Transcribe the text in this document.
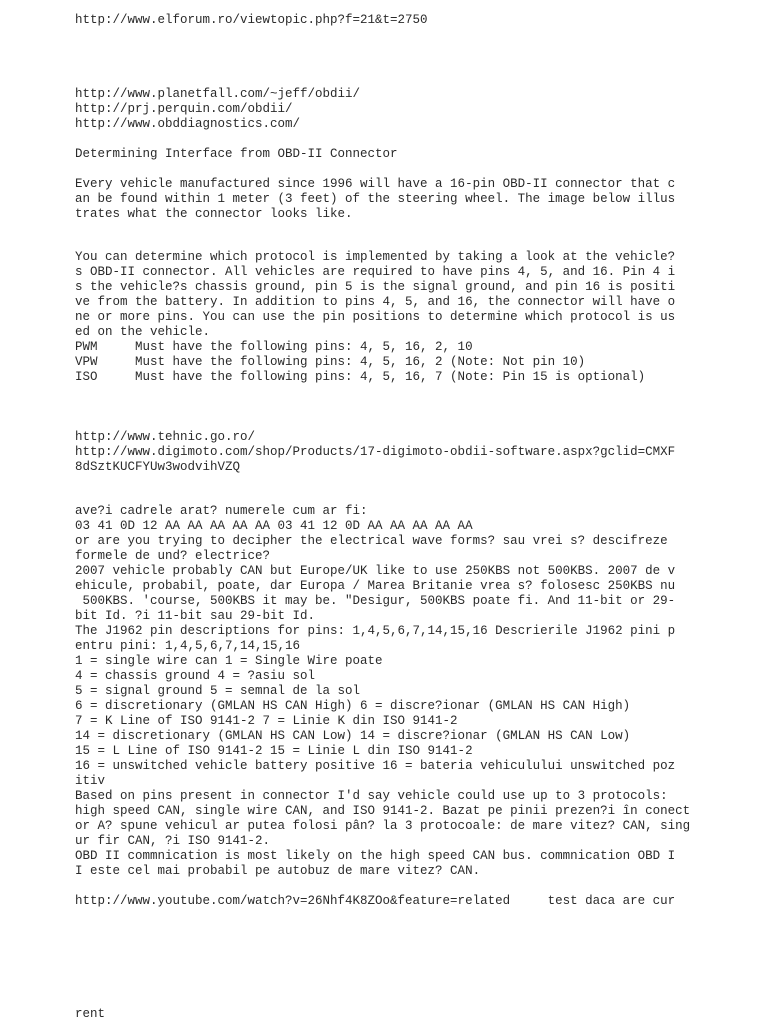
http://www.elforum.ro/viewtopic.php?f=21&t=2750

http://www.planetfall.com/~jeff/obdii/

http://prj.perquin.com/obdii/

http://www.obddiagnostics.com/

Determining Interface from OBD-II Connector

Every vehicle manufactured since 1996 will have a 16-pin OBD-II connector that c

an be found within 1 meter (3 feet) of the steering wheel. The image below illus

trates what the connector looks like.

You can determine which protocol is implemented by taking a look at the vehicle?

s OBD-II connector. All vehicles are required to have pins 4, 5, and 16. Pin 4 i

s the vehicle?s chassis ground, pin 5 is the signal ground, and pin 16 is positi

ve from the battery. In addition to pins 4, 5, and 16, the connector will have o

ne or more pins. You can use the pin positions to determine which protocol is us

ed on the vehicle.

PWM     Must have the following pins: 4, 5, 16, 2, 10

VPW     Must have the following pins: 4, 5, 16, 2 (Note: Not pin 10)

ISO     Must have the following pins: 4, 5, 16, 7 (Note: Pin 15 is optional)

http://www.tehnic.go.ro/

http://www.digimoto.com/shop/Products/17-digimoto-obdii-software.aspx?gclid=CMXF

8dSztKUCFYUw3wodvihVZQ

ave?i cadrele arat? numerele cum ar fi:

03 41 0D 12 AA AA AA AA AA 03 41 12 0D AA AA AA AA AA

or are you trying to decipher the electrical wave forms? sau vrei s? descifreze

formele de und? electrice?

2007 vehicle probably CAN but Europe/UK like to use 250KBS not 500KBS. 2007 de v

ehicule, probabil, poate, dar Europa / Marea Britanie vrea s? folosesc 250KBS nu

500KBS. 'course, 500KBS it may be. "Desigur, 500KBS poate fi. And 11-bit or 29-

bit Id. ?i 11-bit sau 29-bit Id.

The J1962 pin descriptions for pins: 1,4,5,6,7,14,15,16 Descrierile J1962 pini p

entru pini: 1,4,5,6,7,14,15,16

1 = single wire can 1 = Single Wire poate

4 = chassis ground 4 = ?asiu sol

5 = signal ground 5 = semnal de la sol

6 = discretionary (GMLAN HS CAN High) 6 = discre?ionar (GMLAN HS CAN High)

7 = K Line of ISO 9141-2 7 = Linie K din ISO 9141-2

14 = discretionary (GMLAN HS CAN Low) 14 = discre?ionar (GMLAN HS CAN Low)

15 = L Line of ISO 9141-2 15 = Linie L din ISO 9141-2

16 = unswitched vehicle battery positive 16 = bateria vehiculului unswitched poz

itiv

Based on pins present in connector I'd say vehicle could use up to 3 protocols:

high speed CAN, single wire CAN, and ISO 9141-2. Bazat pe pinii prezen?i în conect

or A? spune vehicul ar putea folosi pân? la 3 protocoale: de mare vitez? CAN, sing

ur fir CAN, ?i ISO 9141-2.

OBD II commnication is most likely on the high speed CAN bus. commnication OBD I

I este cel mai probabil pe autobuz de mare vitez? CAN.

http://www.youtube.com/watch?v=26Nhf4K8ZOo&feature=related     test daca are cur

rent
